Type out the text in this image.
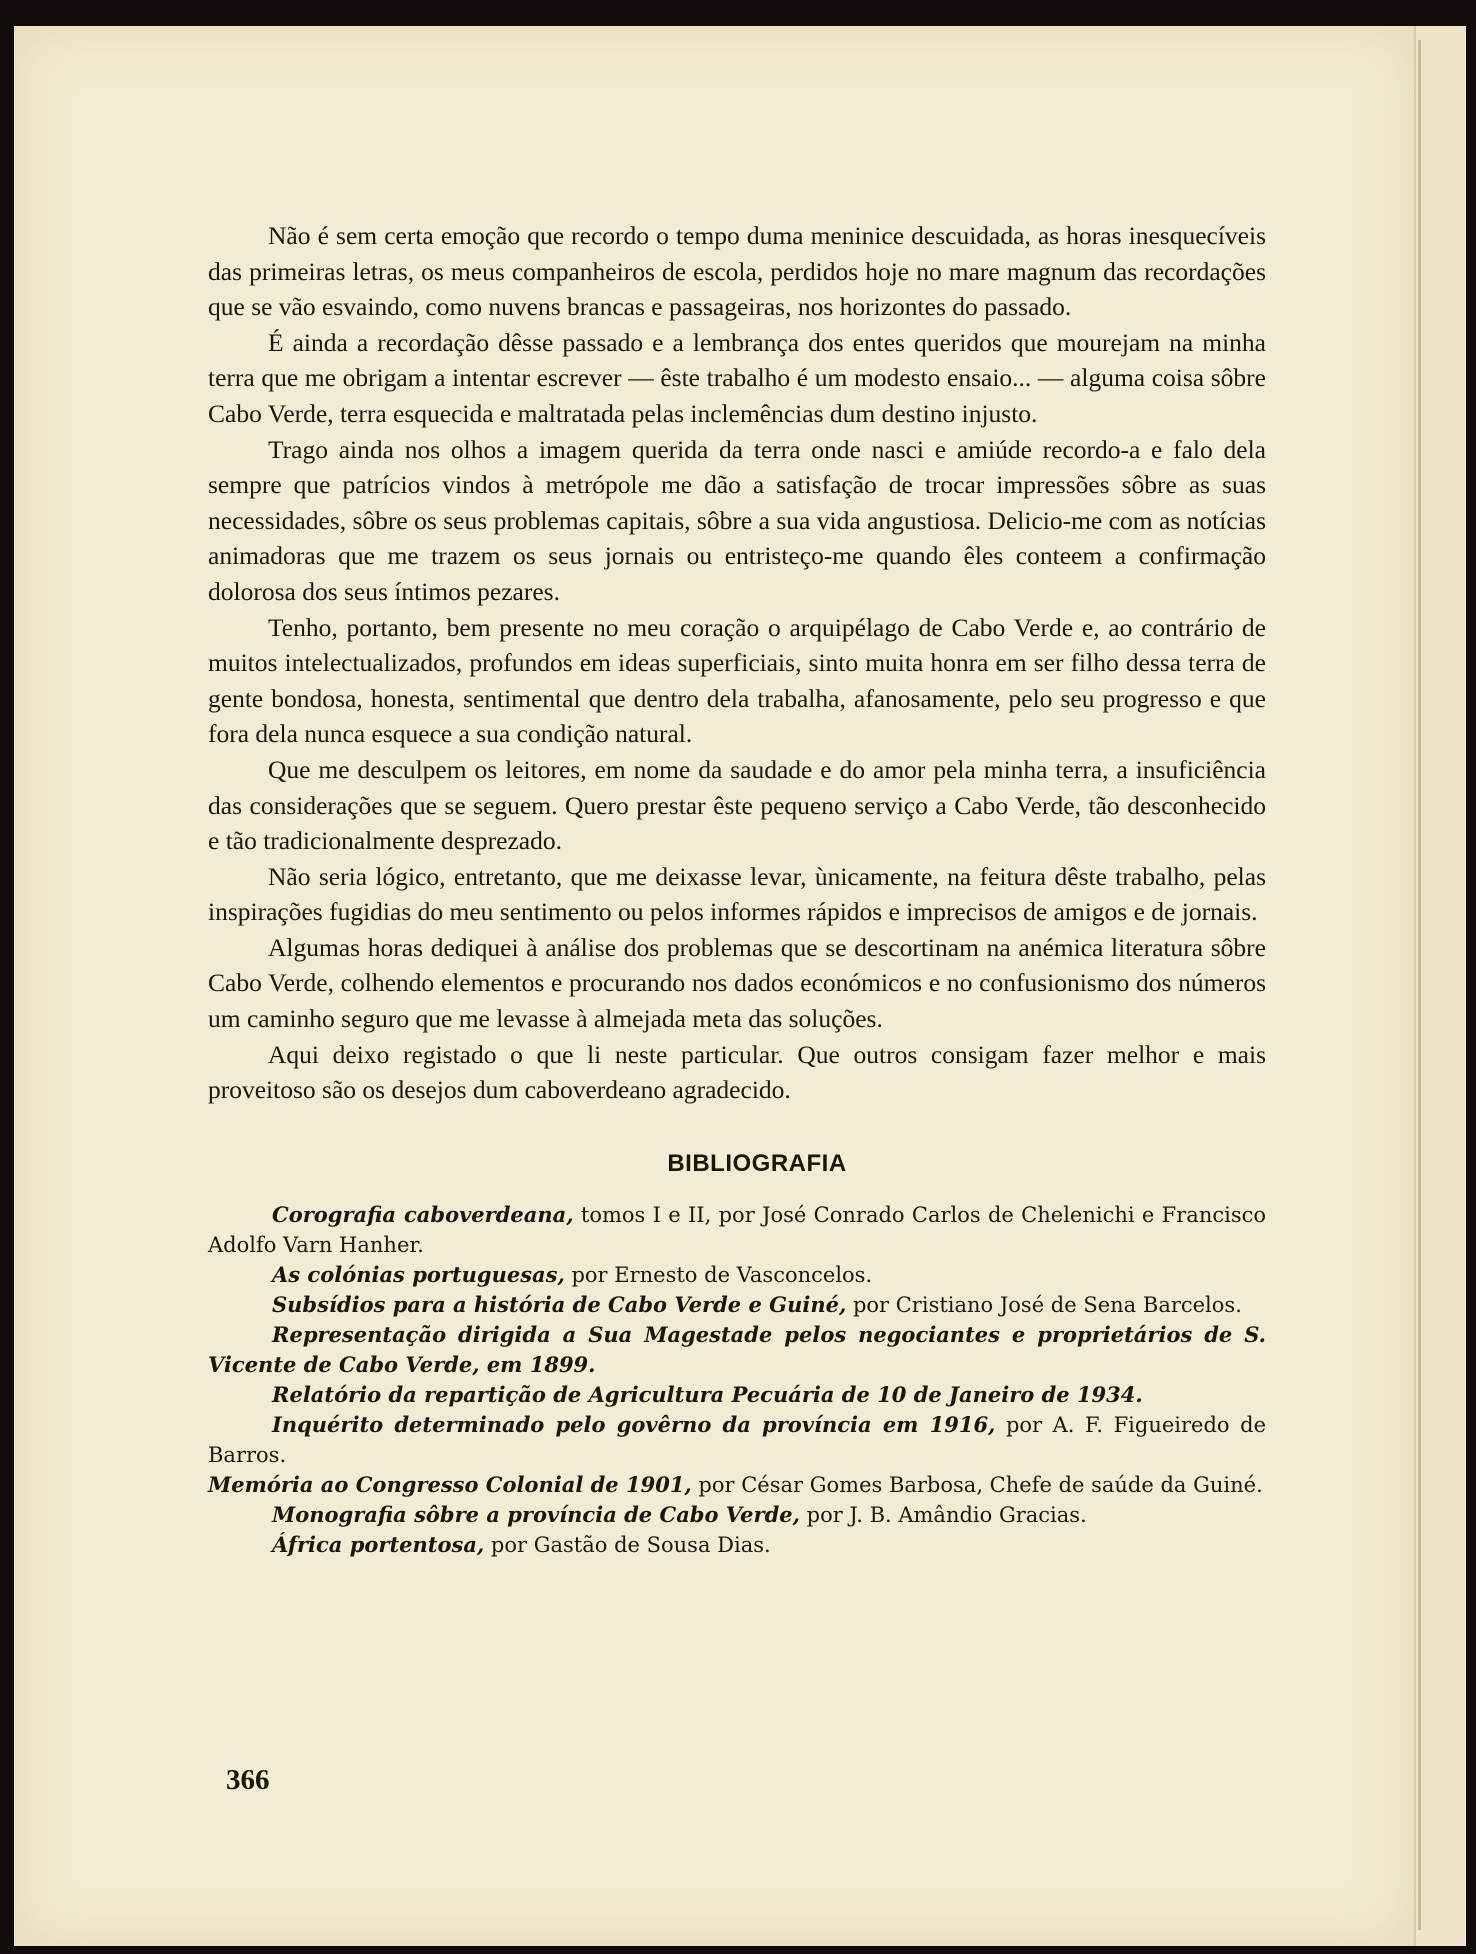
Não é sem certa emoção que recordo o tempo duma meninice descuidada, as horas inesquecíveis das primeiras letras, os meus companheiros de escola, perdidos hoje no mare magnum das recordações que se vão esvaindo, como nuvens brancas e passageiras, nos horizontes do passado.

É ainda a recordação dêsse passado e a lembrança dos entes queridos que mourejam na minha terra que me obrigam a intentar escrever — êste trabalho é um modesto ensaio... — alguma coisa sôbre Cabo Verde, terra esquecida e maltratada pelas inclemências dum destino injusto.

Trago ainda nos olhos a imagem querida da terra onde nasci e amiúde recordo-a e falo dela sempre que patrícios vindos à metrópole me dão a satisfação de trocar impressões sôbre as suas necessidades, sôbre os seus problemas capitais, sôbre a sua vida angustiosa. Delicio-me com as notícias animadoras que me trazem os seus jornais ou entristeço-me quando êles conteem a confirmação dolorosa dos seus íntimos pezares.

Tenho, portanto, bem presente no meu coração o arquipélago de Cabo Verde e, ao contrário de muitos intelectualizados, profundos em ideas superficiais, sinto muita honra em ser filho dessa terra de gente bondosa, honesta, sentimental que dentro dela trabalha, afanosamente, pelo seu progresso e que fora dela nunca esquece a sua condição natural.

Que me desculpem os leitores, em nome da saudade e do amor pela minha terra, a insuficiência das considerações que se seguem. Quero prestar êste pequeno serviço a Cabo Verde, tão desconhecido e tão tradicionalmente desprezado.

Não seria lógico, entretanto, que me deixasse levar, ùnicamente, na feitura dêste trabalho, pelas inspirações fugidias do meu sentimento ou pelos informes rápidos e imprecisos de amigos e de jornais.

Algumas horas dediquei à análise dos problemas que se descortinam na anémica literatura sôbre Cabo Verde, colhendo elementos e procurando nos dados económicos e no confusionismo dos números um caminho seguro que me levasse à almejada meta das soluções.

Aqui deixo registado o que li neste particular. Que outros consigam fazer melhor e mais proveitoso são os desejos dum caboverdeano agradecido.

BIBLIOGRAFIA

Corografia caboverdeana, tomos I e II, por José Conrado Carlos de Chelenichi e Francisco Adolfo Varn Hanher.

As colónias portuguesas, por Ernesto de Vasconcelos.

Subsídios para a história de Cabo Verde e Guiné, por Cristiano José de Sena Barcelos.

Representação dirigida a Sua Magestade pelos negociantes e proprietários de S. Vicente de Cabo Verde, em 1899.

Relatório da repartição de Agricultura Pecuária de 10 de Janeiro de 1934.

Inquérito determinado pelo govêrno da província em 1916, por A. F. Figueiredo de Barros.

Memória ao Congresso Colonial de 1901, por César Gomes Barbosa, Chefe de saúde da Guiné.

Monografia sôbre a província de Cabo Verde, por J. B. Amândio Gracias.

África portentosa, por Gastão de Sousa Dias.

366
